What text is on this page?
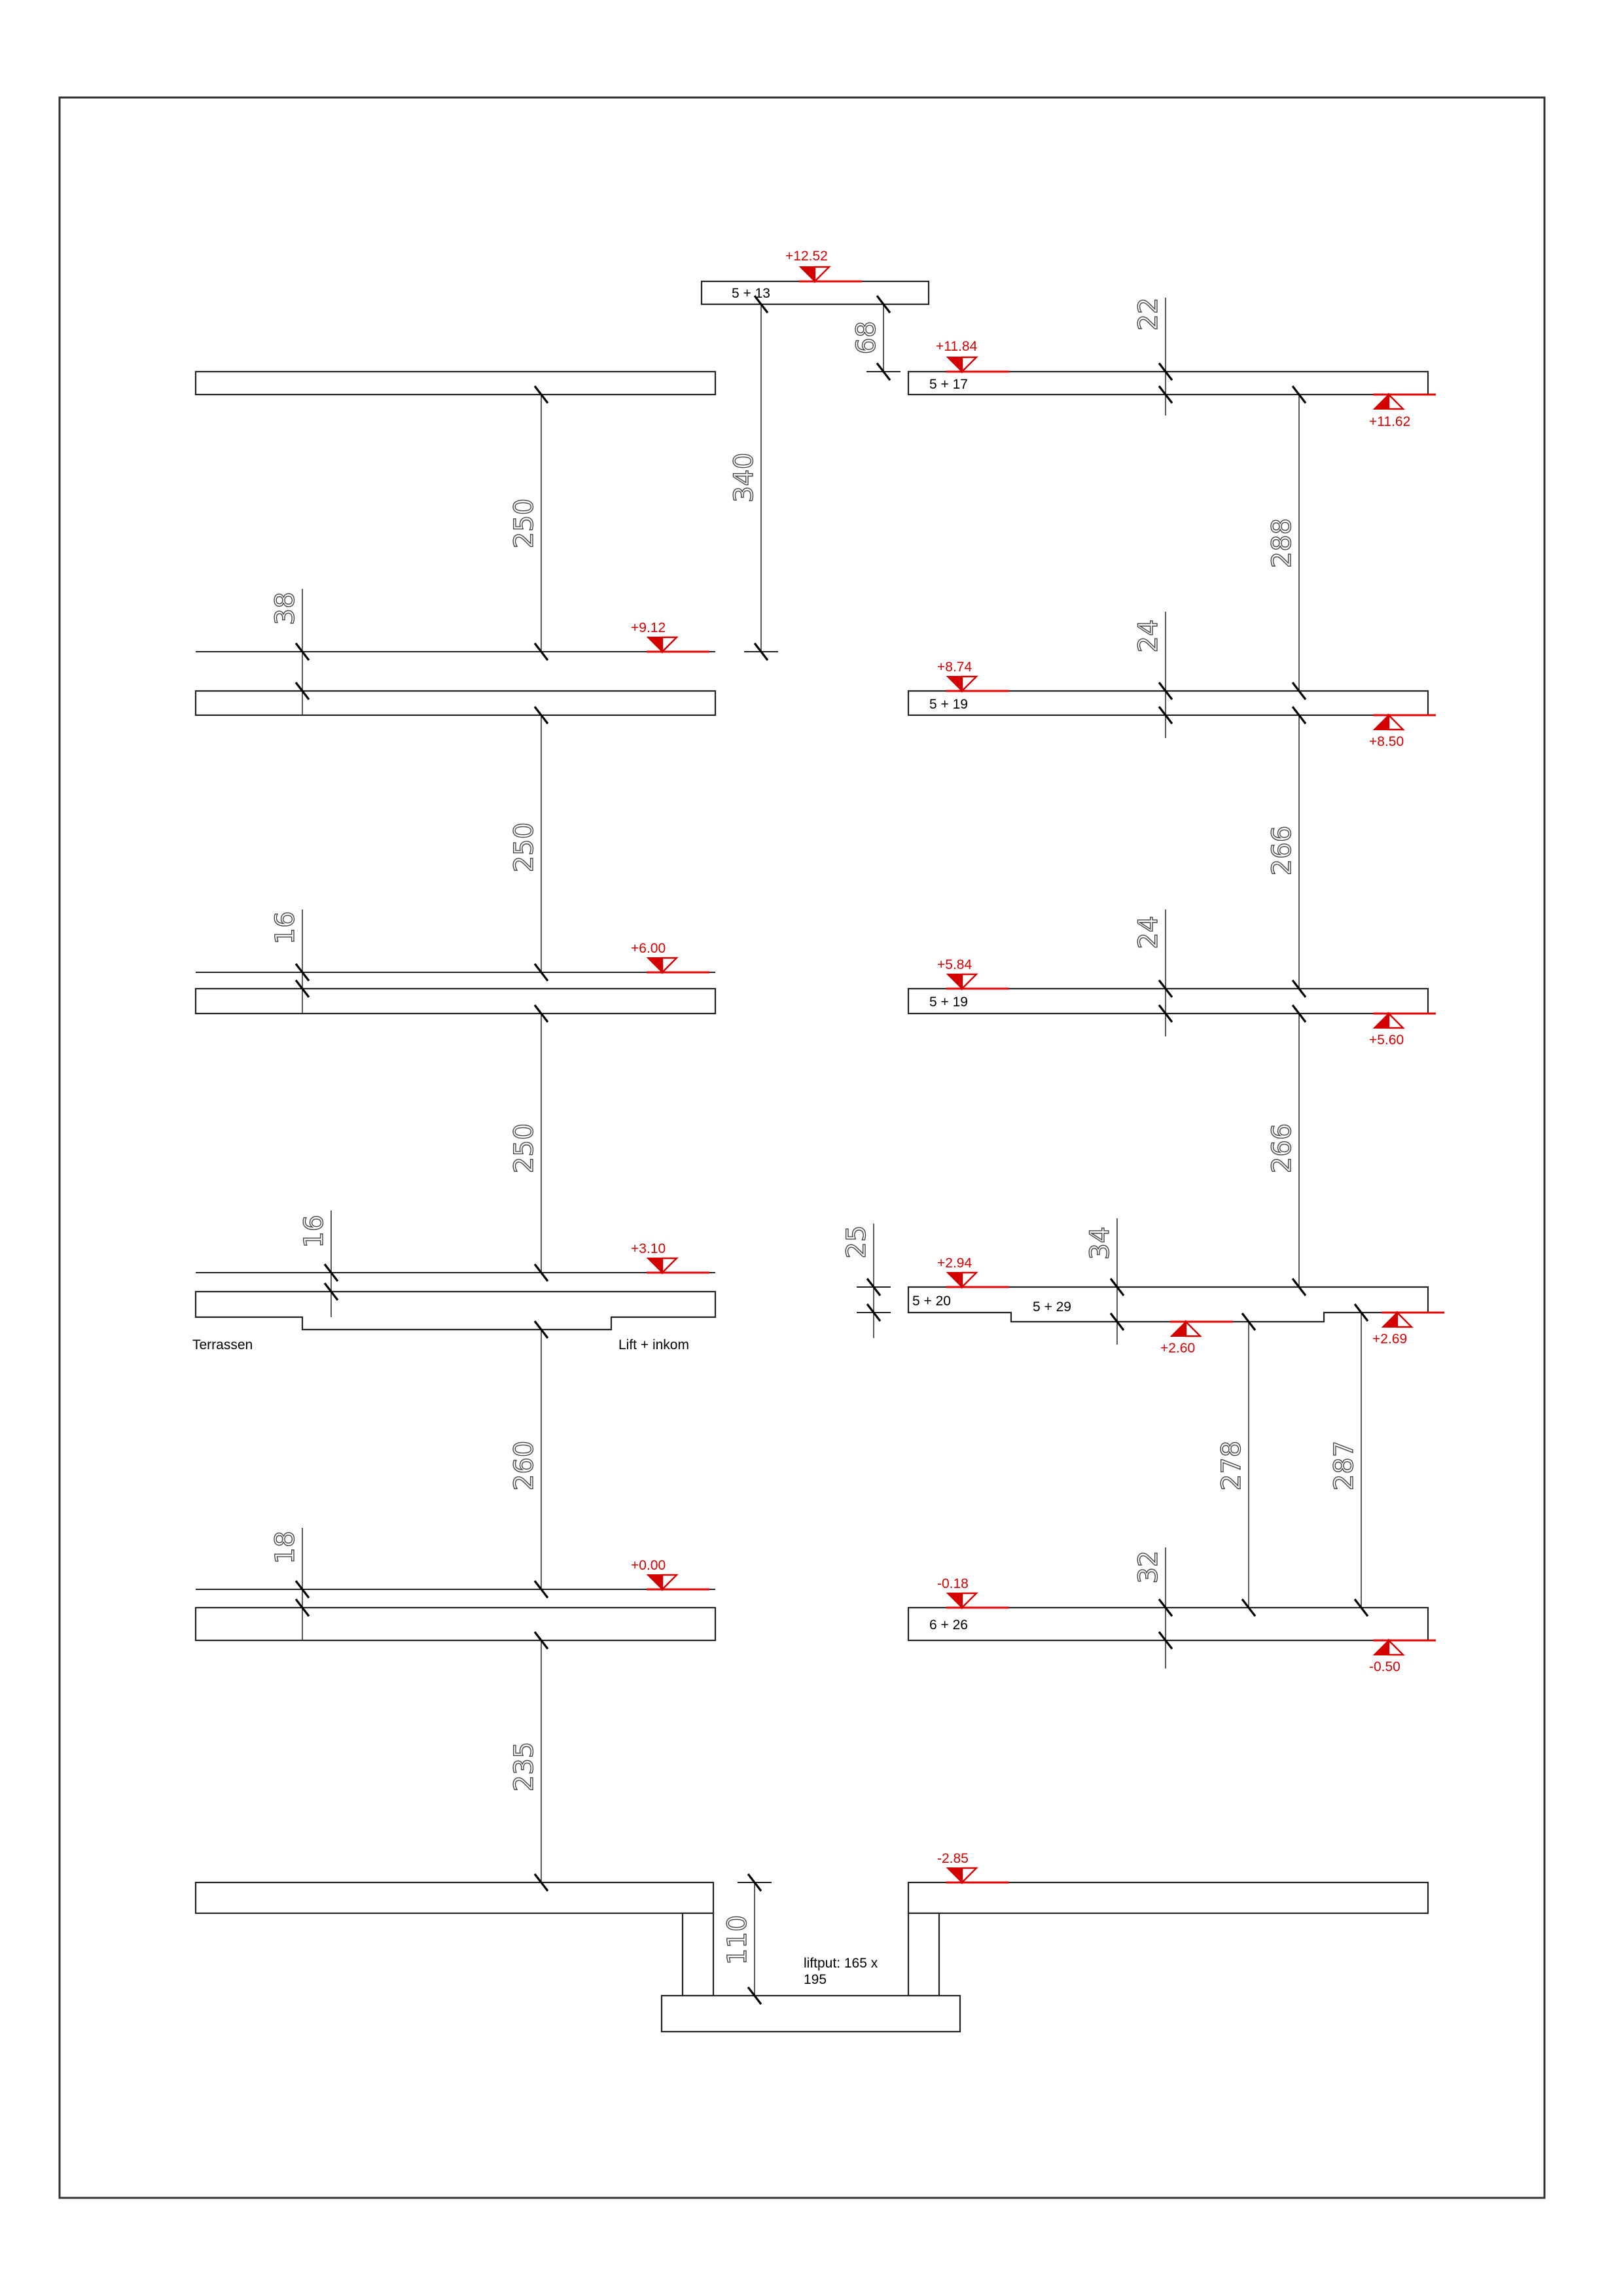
340
68
250
38
250
16
250
16
260
18
235
110
22
288
24
266
24
266
34
25
278	287
32
5 + 13
5 + 17
5 + 19
5 + 19
6 + 26
5 + 20	5 + 29
+12.52
+11.84
+11.62
+9.12
+8.74
+8.50
+6.00
+5.84
+5.60
+3.10
+2.94
+2.60
+2.69
+0.00
-0.18
-0.50
-2.85
Terrassen	Lift + inkom
liftput: 165 x
195
